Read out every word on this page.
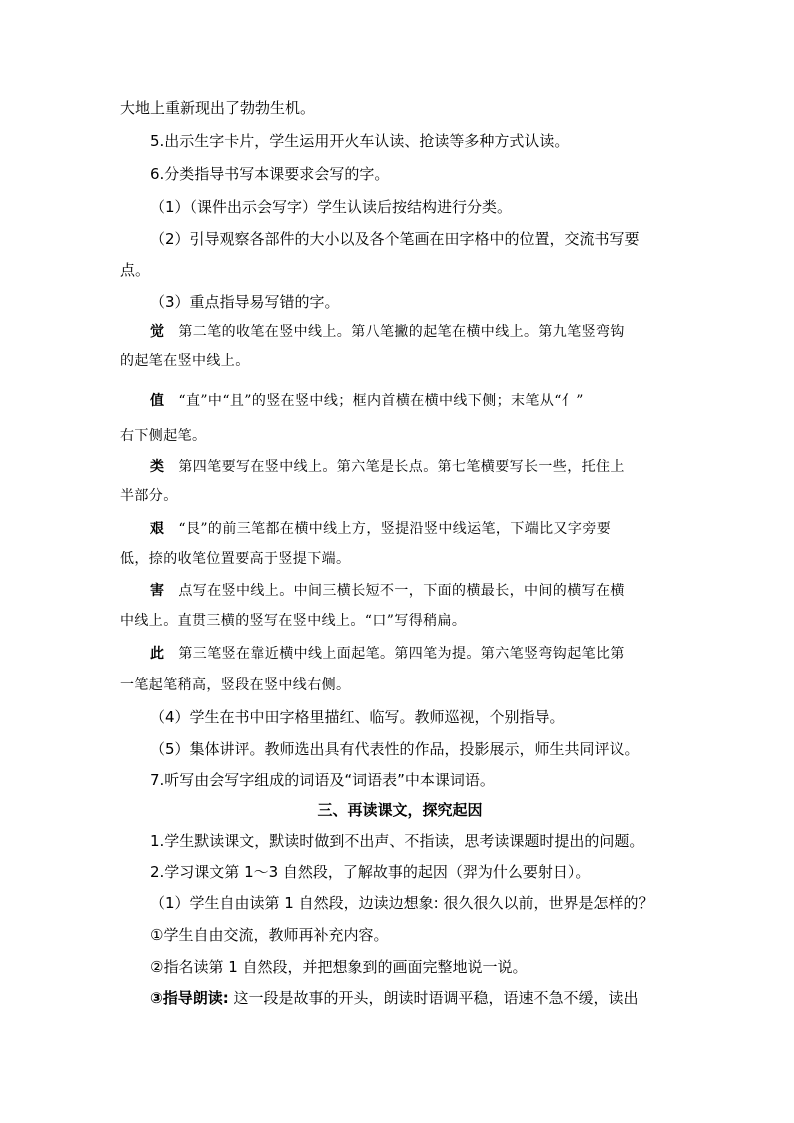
大地上重新现出了勃勃生机。
5.出示生字卡片，学生运用开火车认读、抢读等多种方式认读。
6.分类指导书写本课要求会写的字。
（1）（课件出示会写字）学生认读后按结构进行分类。
（2）引导观察各部件的大小以及各个笔画在田字格中的位置，交流书写要
点。
（3）重点指导易写错的字。
觉 第二笔的收笔在竖中线上。第八笔撇的起笔在横中线上。第九笔竖弯钩
的起笔在竖中线上。
值 “直”中“且”的竖在竖中线；框内首横在横中线下侧；末笔从“亻”
右下侧起笔。
类 第四笔要写在竖中线上。第六笔是长点。第七笔横要写长一些，托住上
半部分。
艰 “艮”的前三笔都在横中线上方，竖提沿竖中线运笔，下端比又字旁要
低，捺的收笔位置要高于竖提下端。
害 点写在竖中线上。中间三横长短不一，下面的横最长，中间的横写在横
中线上。直贯三横的竖写在竖中线上。“口”写得稍扁。
此 第三笔竖在靠近横中线上面起笔。第四笔为提。第六笔竖弯钩起笔比第
一笔起笔稍高，竖段在竖中线右侧。
（4）学生在书中田字格里描红、临写。教师巡视，个别指导。
（5）集体讲评。教师选出具有代表性的作品，投影展示，师生共同评议。
7.听写由会写字组成的词语及“词语表”中本课词语。
三、再读课文，探究起因
1.学生默读课文，默读时做到不出声、不指读，思考读课题时提出的问题。
2.学习课文第 1～3 自然段，了解故事的起因（羿为什么要射日）。
（1）学生自由读第 1 自然段，边读边想象: 很久很久以前，世界是怎样的？
①学生自由交流，教师再补充内容。
②指名读第 1 自然段，并把想象到的画面完整地说一说。
③指导朗读: 这一段是故事的开头，朗读时语调平稳，语速不急不缓，读出
